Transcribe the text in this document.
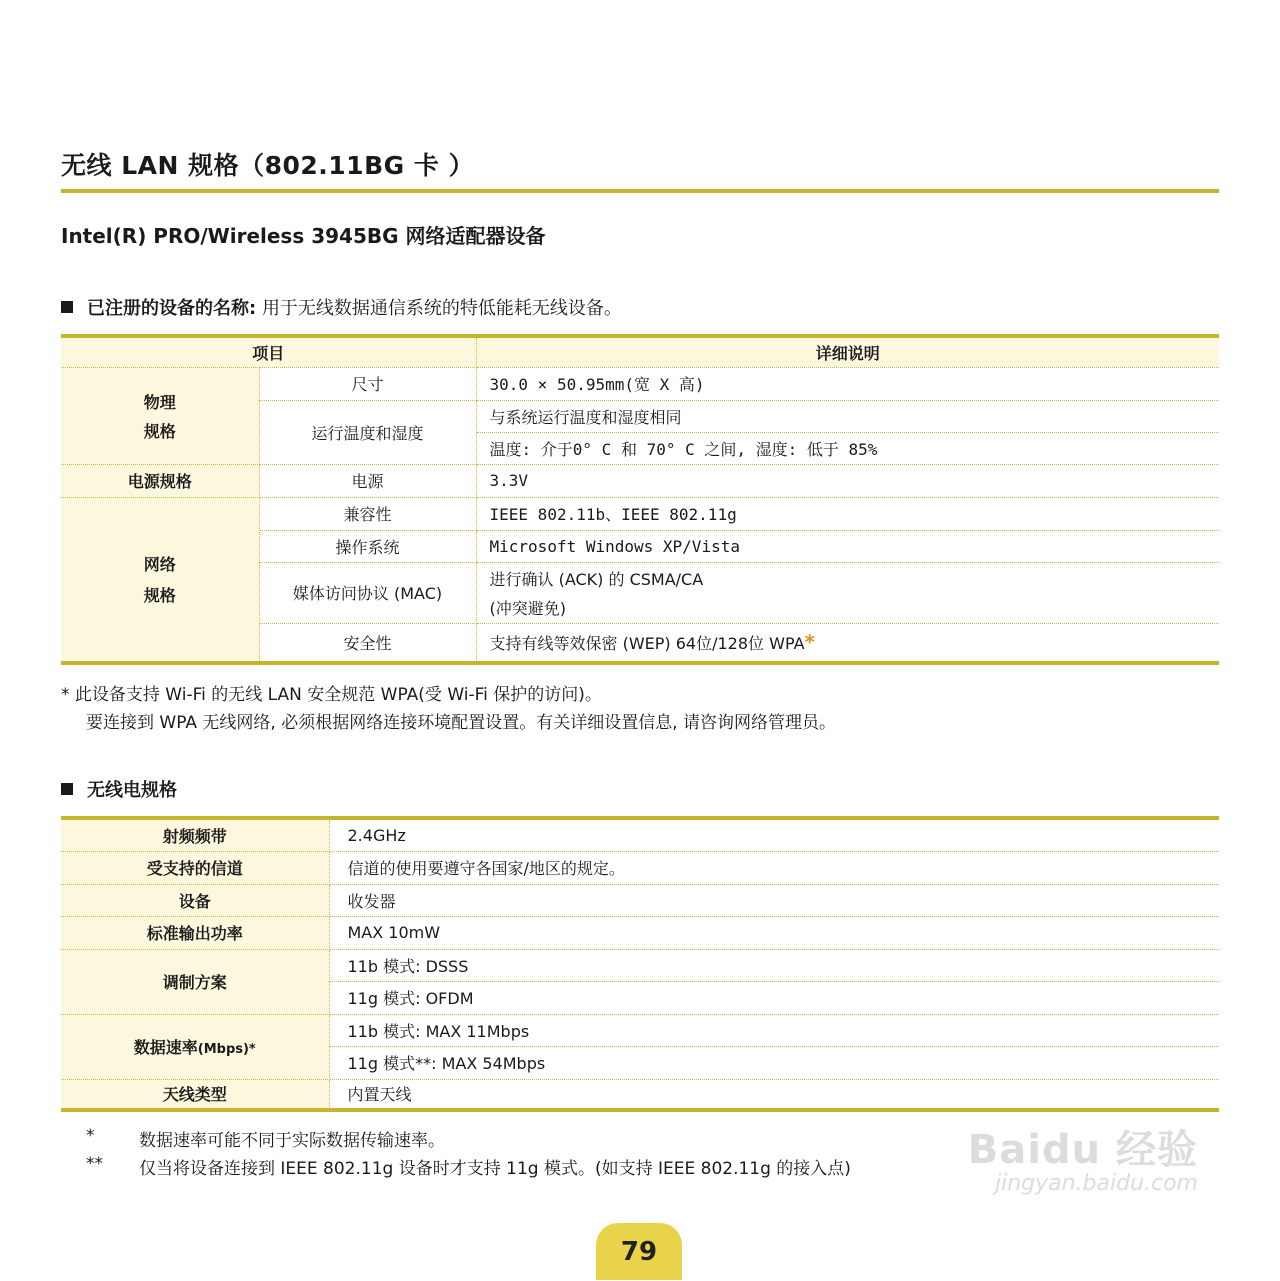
无线 LAN 规格（802.11BG 卡 ）
Intel(R) PRO/Wireless 3945BG 网络适配器设备
已注册的设备的名称: 用于无线数据通信系统的特低能耗无线设备。
项目		详细说明

物理
规格	尺寸	30.0 × 50.95mm(宽 X 高)
	运行温度和湿度	与系统运行温度和湿度相同
		温度: 介于0° C 和 70° C 之间, 湿度: 低于 85%
电源规格	电源	3.3V

网络
规格	兼容性	IEEE 802.11b、IEEE 802.11g
	操作系统	Microsoft Windows XP/Vista
	媒体访问协议 (MAC)	进行确认 (ACK) 的 CSMA/CA
(冲突避免)

	安全性	支持有线等效保密 (WEP) 64位/128位 WPA*
* 此设备支持 Wi-Fi 的无线 LAN 安全规范 WPA(受 Wi-Fi 保护的访问)。
要连接到 WPA 无线网络, 必须根据网络连接环境配置设置。有关详细设置信息, 请咨询网络管理员。
无线电规格
射频频带	2.4GHz
受支持的信道	信道的使用要遵守各国家/地区的规定。
设备	收发器
标准输出功率	MAX 10mW
调制方案	11b 模式: DSSS
	11g 模式: OFDM
数据速率(Mbps)*	11b 模式: MAX 11Mbps
	11g 模式**: MAX 54Mbps
天线类型	内置天线
*	数据速率可能不同于实际数据传输速率。
** 仅当将设备连接到 IEEE 802.11g 设备时才支持 11g 模式。(如支持 IEEE 802.11g 的接入点)	Baidu 经验
jingyan.baidu.com
79
